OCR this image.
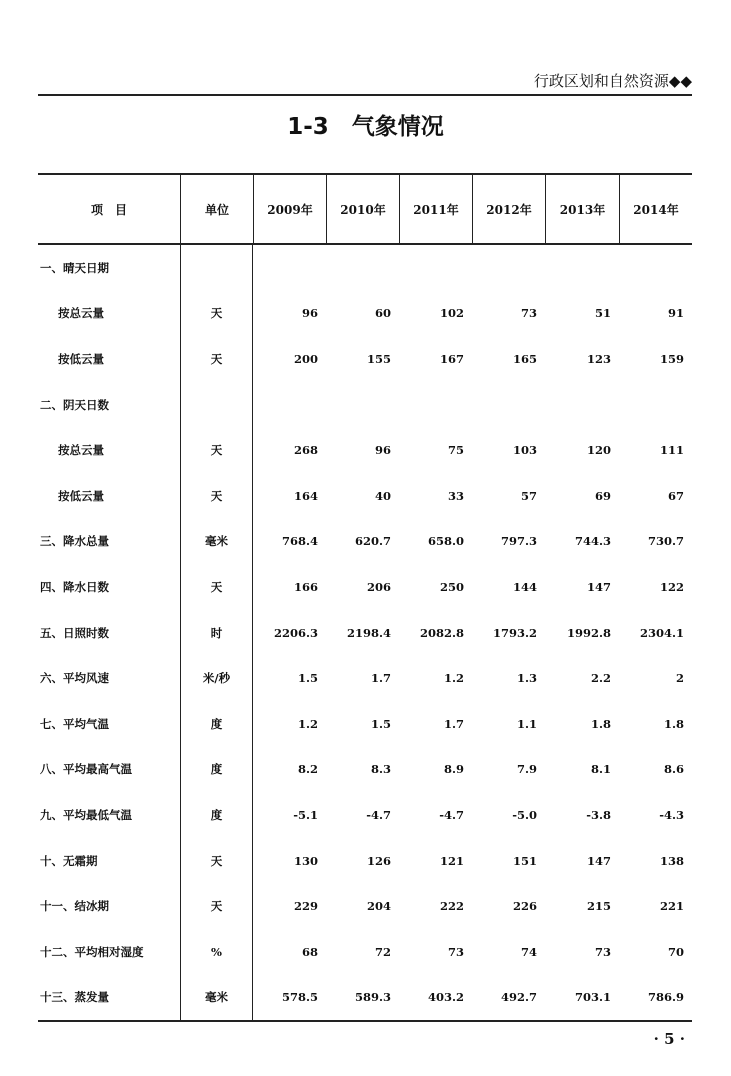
行政区划和自然资源◆◆
1-3　气象情况
项　目	单位	2009年	2010年	2011年	2012年	2013年	2014年
一、晴天日期
按总云量	天	96	60	102	73	51	91
按低云量	天	200	155	167	165	123	159
二、阴天日数
按总云量	天	268	96	75	103	120	111
按低云量	天	164	40	33	57	69	67
三、降水总量	毫米	768.4	620.7	658.0	797.3	744.3	730.7
四、降水日数	天	166	206	250	144	147	122
五、日照时数	时	2206.3	2198.4	2082.8	1793.2	1992.8	2304.1
六、平均风速	米/秒	1.5	1.7	1.2	1.3	2.2	2
七、平均气温	度	1.2	1.5	1.7	1.1	1.8	1.8
八、平均最高气温	度	8.2	8.3	8.9	7.9	8.1	8.6
九、平均最低气温	度	-5.1	-4.7	-4.7	-5.0	-3.8	-4.3
十、无霜期	天	130	126	121	151	147	138
十一、结冰期	天	229	204	222	226	215	221
十二、平均相对湿度	%	68	72	73	74	73	70
十三、蒸发量	毫米	578.5	589.3	403.2	492.7	703.1	786.9
· 5 ·
